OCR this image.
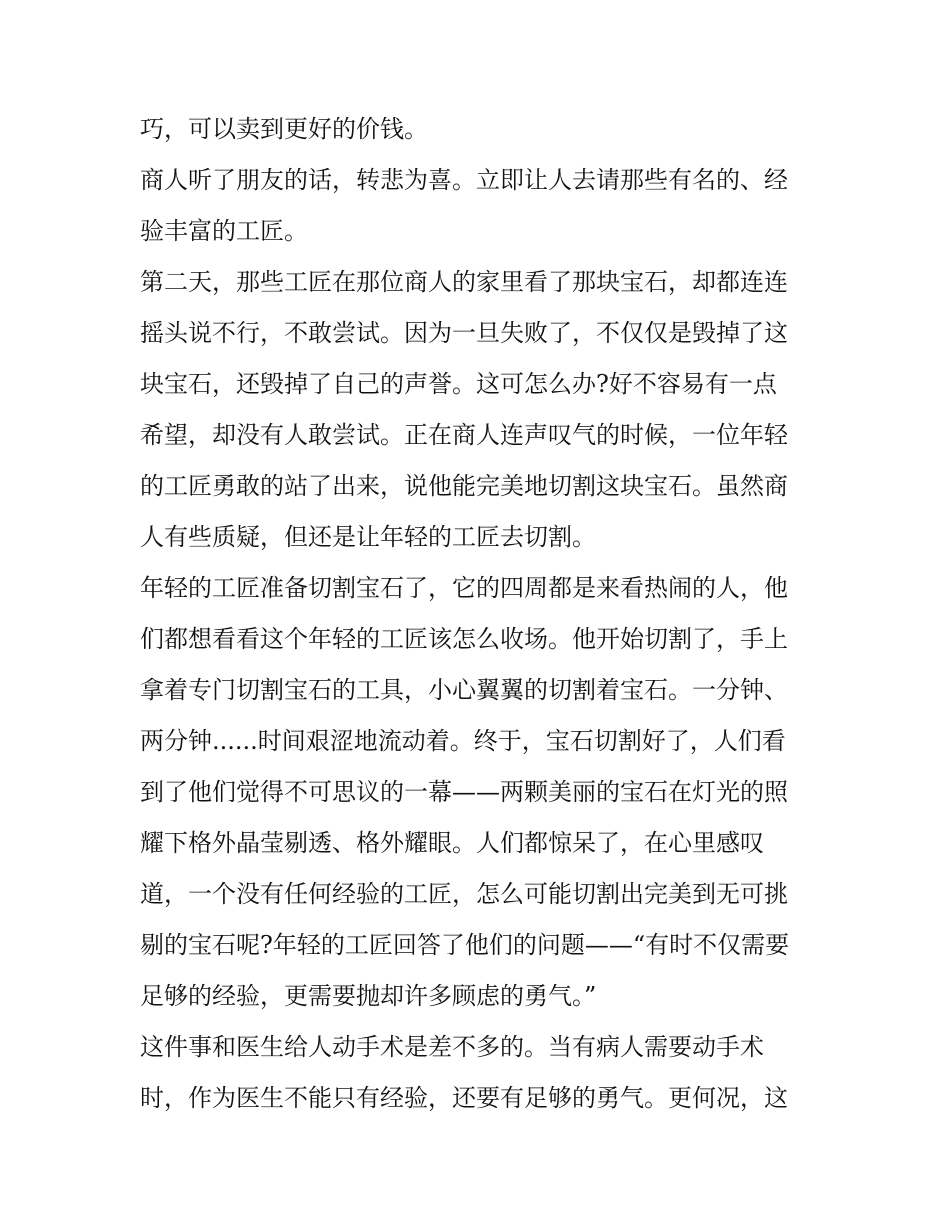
巧，可以卖到更好的价钱。
商人听了朋友的话，转悲为喜。立即让人去请那些有名的、经
验丰富的工匠。
第二天，那些工匠在那位商人的家里看了那块宝石，却都连连
摇头说不行，不敢尝试。因为一旦失败了，不仅仅是毁掉了这
块宝石，还毁掉了自己的声誉。这可怎么办?好不容易有一点
希望，却没有人敢尝试。正在商人连声叹气的时候，一位年轻
的工匠勇敢的站了出来，说他能完美地切割这块宝石。虽然商
人有些质疑，但还是让年轻的工匠去切割。
年轻的工匠准备切割宝石了，它的四周都是来看热闹的人，他
们都想看看这个年轻的工匠该怎么收场。他开始切割了，手上
拿着专门切割宝石的工具，小心翼翼的切割着宝石。一分钟、
两分钟......时间艰涩地流动着。终于，宝石切割好了，人们看
到了他们觉得不可思议的一幕——两颗美丽的宝石在灯光的照
耀下格外晶莹剔透、格外耀眼。人们都惊呆了，在心里感叹
道，一个没有任何经验的工匠，怎么可能切割出完美到无可挑
剔的宝石呢?年轻的工匠回答了他们的问题——“有时不仅需要
足够的经验，更需要抛却许多顾虑的勇气。”
这件事和医生给人动手术是差不多的。当有病人需要动手术
时，作为医生不能只有经验，还要有足够的勇气。更何况，这
